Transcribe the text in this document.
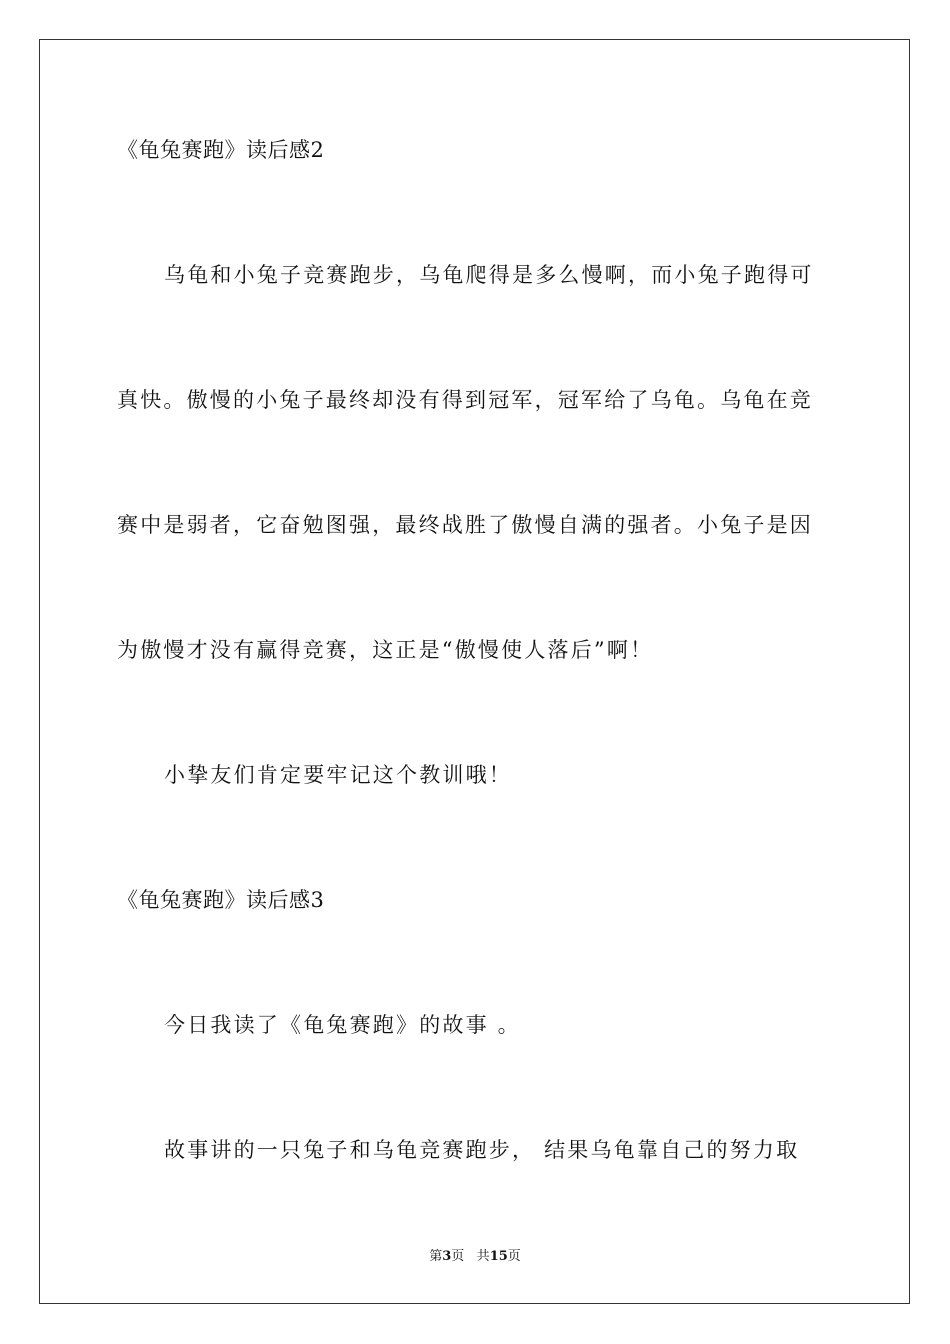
《龟兔赛跑》读后感2
乌龟和小兔子竞赛跑步，乌龟爬得是多么慢啊，而小兔子跑得可
真快。傲慢的小兔子最终却没有得到冠军，冠军给了乌龟。乌龟在竞
赛中是弱者，它奋勉图强，最终战胜了傲慢自满的强者。小兔子是因
为傲慢才没有赢得竞赛，这正是“傲慢使人落后”啊！
小挚友们肯定要牢记这个教训哦！
《龟兔赛跑》读后感3
今日我读了《龟兔赛跑》的故事 。
故事讲的一只兔子和乌龟竞赛跑步， 结果乌龟靠自己的努力取
第3页 共15页
